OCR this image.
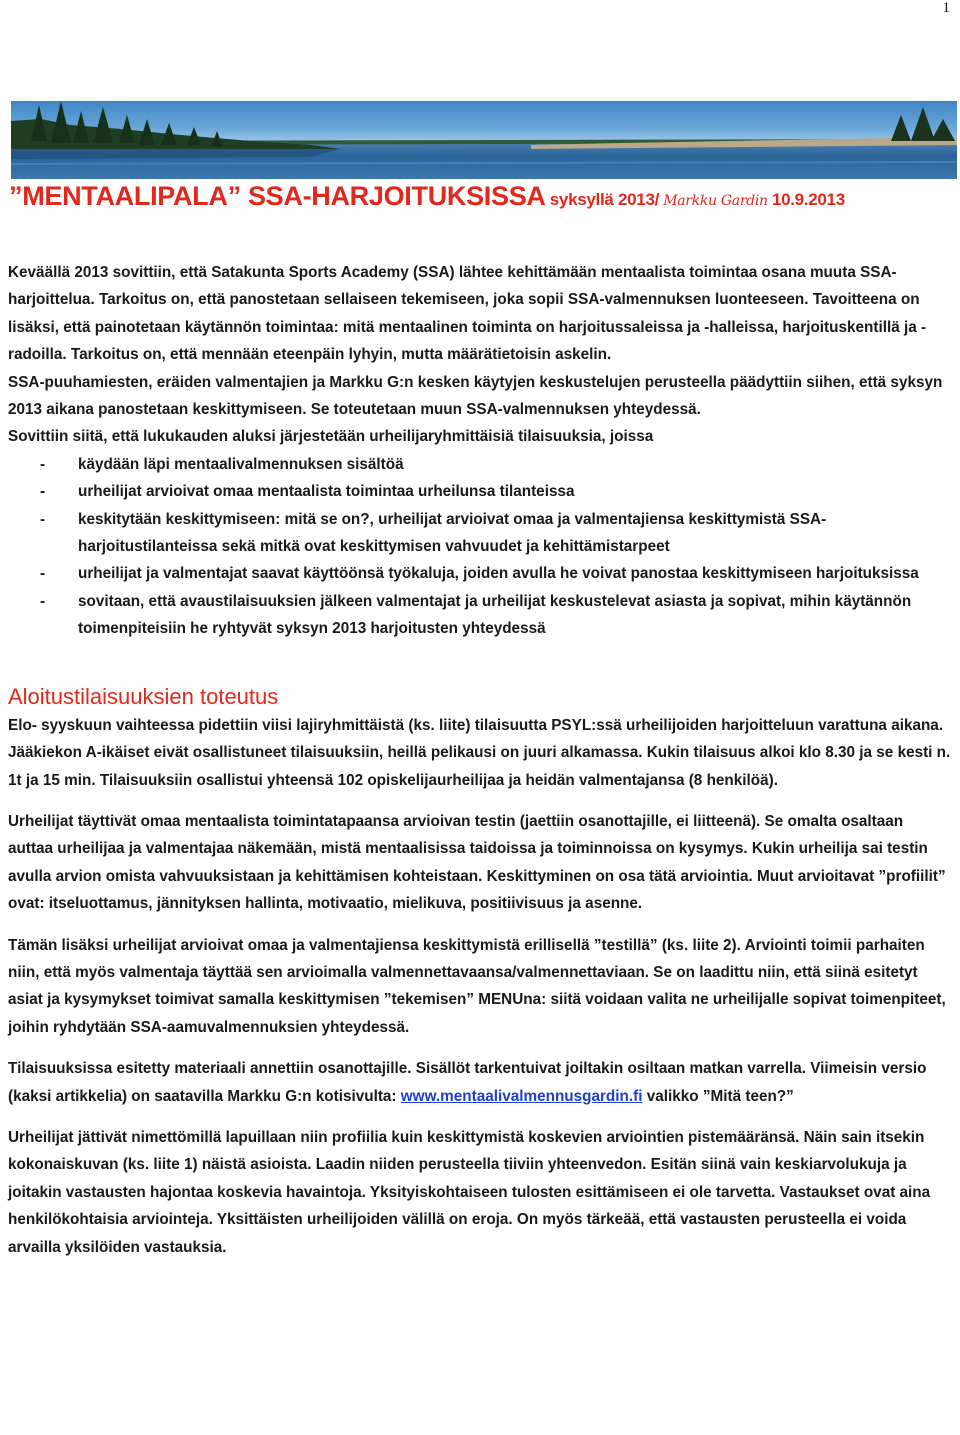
1
”MENTAALIPALA” SSA-HARJOITUKSISSA syksyllä 2013/ Markku Gardin 10.9.2013

Keväällä 2013 sovittiin, että Satakunta Sports Academy (SSA) lähtee kehittämään mentaalista toimintaa osana muuta SSA-harjoittelua. Tarkoitus on, että panostetaan sellaiseen tekemiseen, joka sopii SSA-valmennuksen luonteeseen. Tavoitteena on lisäksi, että painotetaan käytännön toimintaa: mitä mentaalinen toiminta on harjoitussaleissa ja -halleissa, harjoituskentillä ja -radoilla. Tarkoitus on, että mennään eteenpäin lyhyin, mutta määrätietoisin askelin.

SSA-puuhamiesten, eräiden valmentajien ja Markku G:n kesken käytyjen keskustelujen perusteella päädyttiin siihen, että syksyn 2013 aikana panostetaan keskittymiseen. Se toteutetaan muun SSA-valmennuksen yhteydessä.

Sovittiin siitä, että lukukauden aluksi järjestetään urheilijaryhmittäisiä tilaisuuksia, joissa

- käydään läpi mentaalivalmennuksen sisältöä
- urheilijat arvioivat omaa mentaalista toimintaa urheilunsa tilanteissa
- keskitytään keskittymiseen: mitä se on?, urheilijat arvioivat omaa ja valmentajiensa keskittymistä SSA-harjoitustilanteissa sekä mitkä ovat keskittymisen vahvuudet ja kehittämistarpeet
- urheilijat ja valmentajat saavat käyttöönsä työkaluja, joiden avulla he voivat panostaa keskittymiseen harjoituksissa
- sovitaan, että avaustilaisuuksien jälkeen valmentajat ja urheilijat keskustelevat asiasta ja sopivat, mihin käytännön toimenpiteisiin he ryhtyvät syksyn 2013 harjoitusten yhteydessä
Aloitustilaisuuksien toteutus

Elo- syyskuun vaihteessa pidettiin viisi lajiryhmittäistä (ks. liite) tilaisuutta PSYL:ssä urheilijoiden harjoitteluun varattuna aikana. Jääkiekon A-ikäiset eivät osallistuneet tilaisuuksiin, heillä pelikausi on juuri alkamassa. Kukin tilaisuus alkoi klo 8.30 ja se kesti n. 1t ja 15 min. Tilaisuuksiin osallistui yhteensä 102 opiskelijaurheilijaa ja heidän valmentajansa (8 henkilöä).

Urheilijat täyttivät omaa mentaalista toimintatapaansa arvioivan testin (jaettiin osanottajille, ei liitteenä). Se omalta osaltaan auttaa urheilijaa ja valmentajaa näkemään, mistä mentaalisissa taidoissa ja toiminnoissa on kysymys. Kukin urheilija sai testin avulla arvion omista vahvuuksistaan ja kehittämisen kohteistaan. Keskittyminen on osa tätä arviointia. Muut arvioitavat ”profiilit” ovat: itseluottamus, jännityksen hallinta, motivaatio, mielikuva, positiivisuus ja asenne.

Tämän lisäksi urheilijat arvioivat omaa ja valmentajiensa keskittymistä erillisellä ”testillä” (ks. liite 2). Arviointi toimii parhaiten niin, että myös valmentaja täyttää sen arvioimalla valmennettavaansa/valmennettaviaan. Se on laadittu niin, että siinä esitetyt asiat ja kysymykset toimivat samalla keskittymisen ”tekemisen” MENUna: siitä voidaan valita ne urheilijalle sopivat toimenpiteet, joihin ryhdytään SSA-aamuvalmennuksien yhteydessä.

Tilaisuuksissa esitetty materiaali annettiin osanottajille. Sisällöt tarkentuivat joiltakin osiltaan matkan varrella. Viimeisin versio (kaksi artikkelia) on saatavilla Markku G:n kotisivulta: www.mentaalivalmennusgardin.fi valikko ”Mitä teen?”

Urheilijat jättivät nimettömillä lapuillaan niin profiilia kuin keskittymistä koskevien arviointien pistemääränsä. Näin sain itsekin kokonaiskuvan (ks. liite 1) näistä asioista. Laadin niiden perusteella tiiviin yhteenvedon. Esitän siinä vain keskiarvolukuja ja joitakin vastausten hajontaa koskevia havaintoja. Yksityiskohtaiseen tulosten esittämiseen ei ole tarvetta. Vastaukset ovat aina henkilökohtaisia arviointeja. Yksittäisten urheilijoiden välillä on eroja. On myös tärkeää, että vastausten perusteella ei voida arvailla yksilöiden vastauksia.
